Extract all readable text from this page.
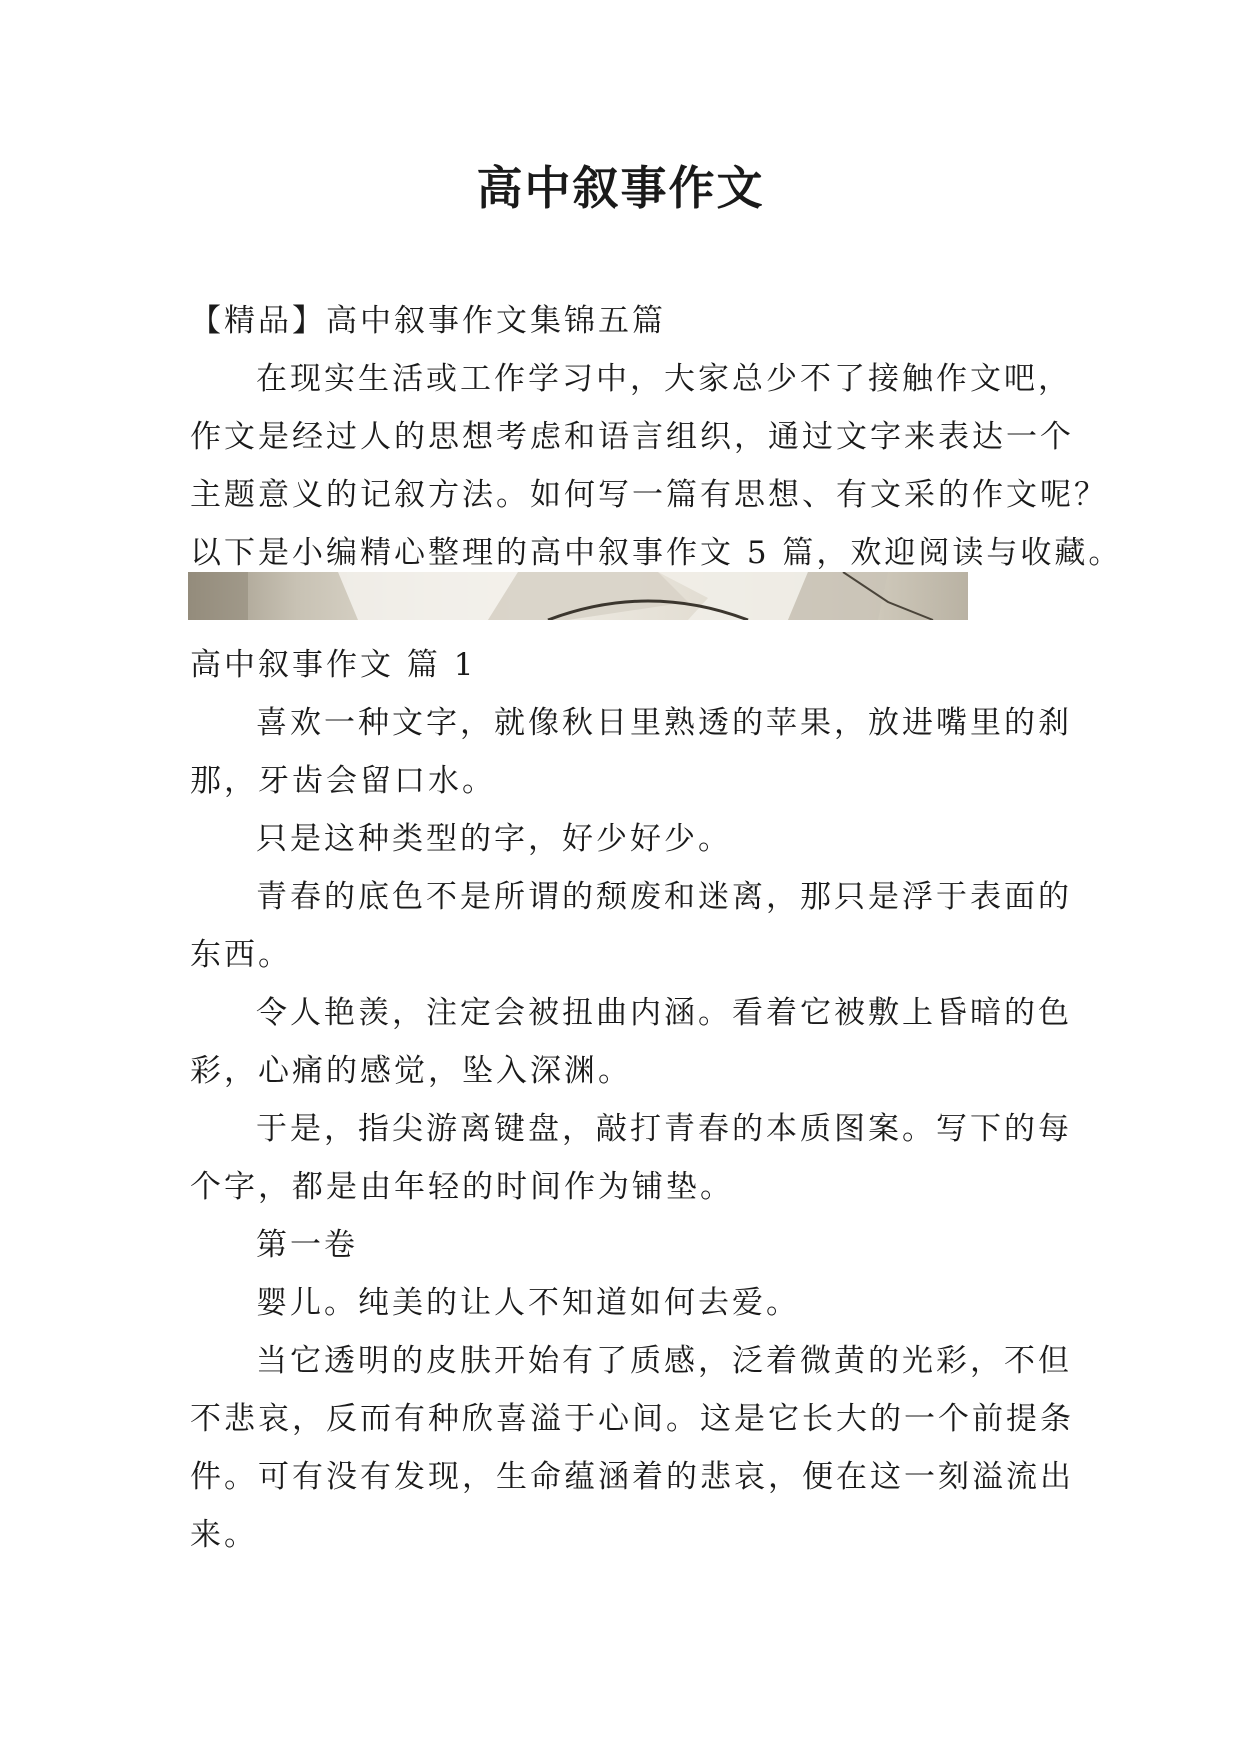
高中叙事作文

【精品】高中叙事作文集锦五篇

在现实生活或工作学习中，大家总少不了接触作文吧，

作文是经过人的思想考虑和语言组织，通过文字来表达一个

主题意义的记叙方法。如何写一篇有思想、有文采的作文呢？

以下是小编精心整理的高中叙事作文 5 篇，欢迎阅读与收藏。

高中叙事作文 篇 1

喜欢一种文字，就像秋日里熟透的苹果，放进嘴里的刹

那，牙齿会留口水。

只是这种类型的字，好少好少。

青春的底色不是所谓的颓废和迷离，那只是浮于表面的

东西。

令人艳羡，注定会被扭曲内涵。看着它被敷上昏暗的色

彩，心痛的感觉，坠入深渊。

于是，指尖游离键盘，敲打青春的本质图案。写下的每

个字，都是由年轻的时间作为铺垫。

第一卷

婴儿。纯美的让人不知道如何去爱。

当它透明的皮肤开始有了质感，泛着微黄的光彩，不但

不悲哀，反而有种欣喜溢于心间。这是它长大的一个前提条

件。可有没有发现，生命蕴涵着的悲哀，便在这一刻溢流出

来。
